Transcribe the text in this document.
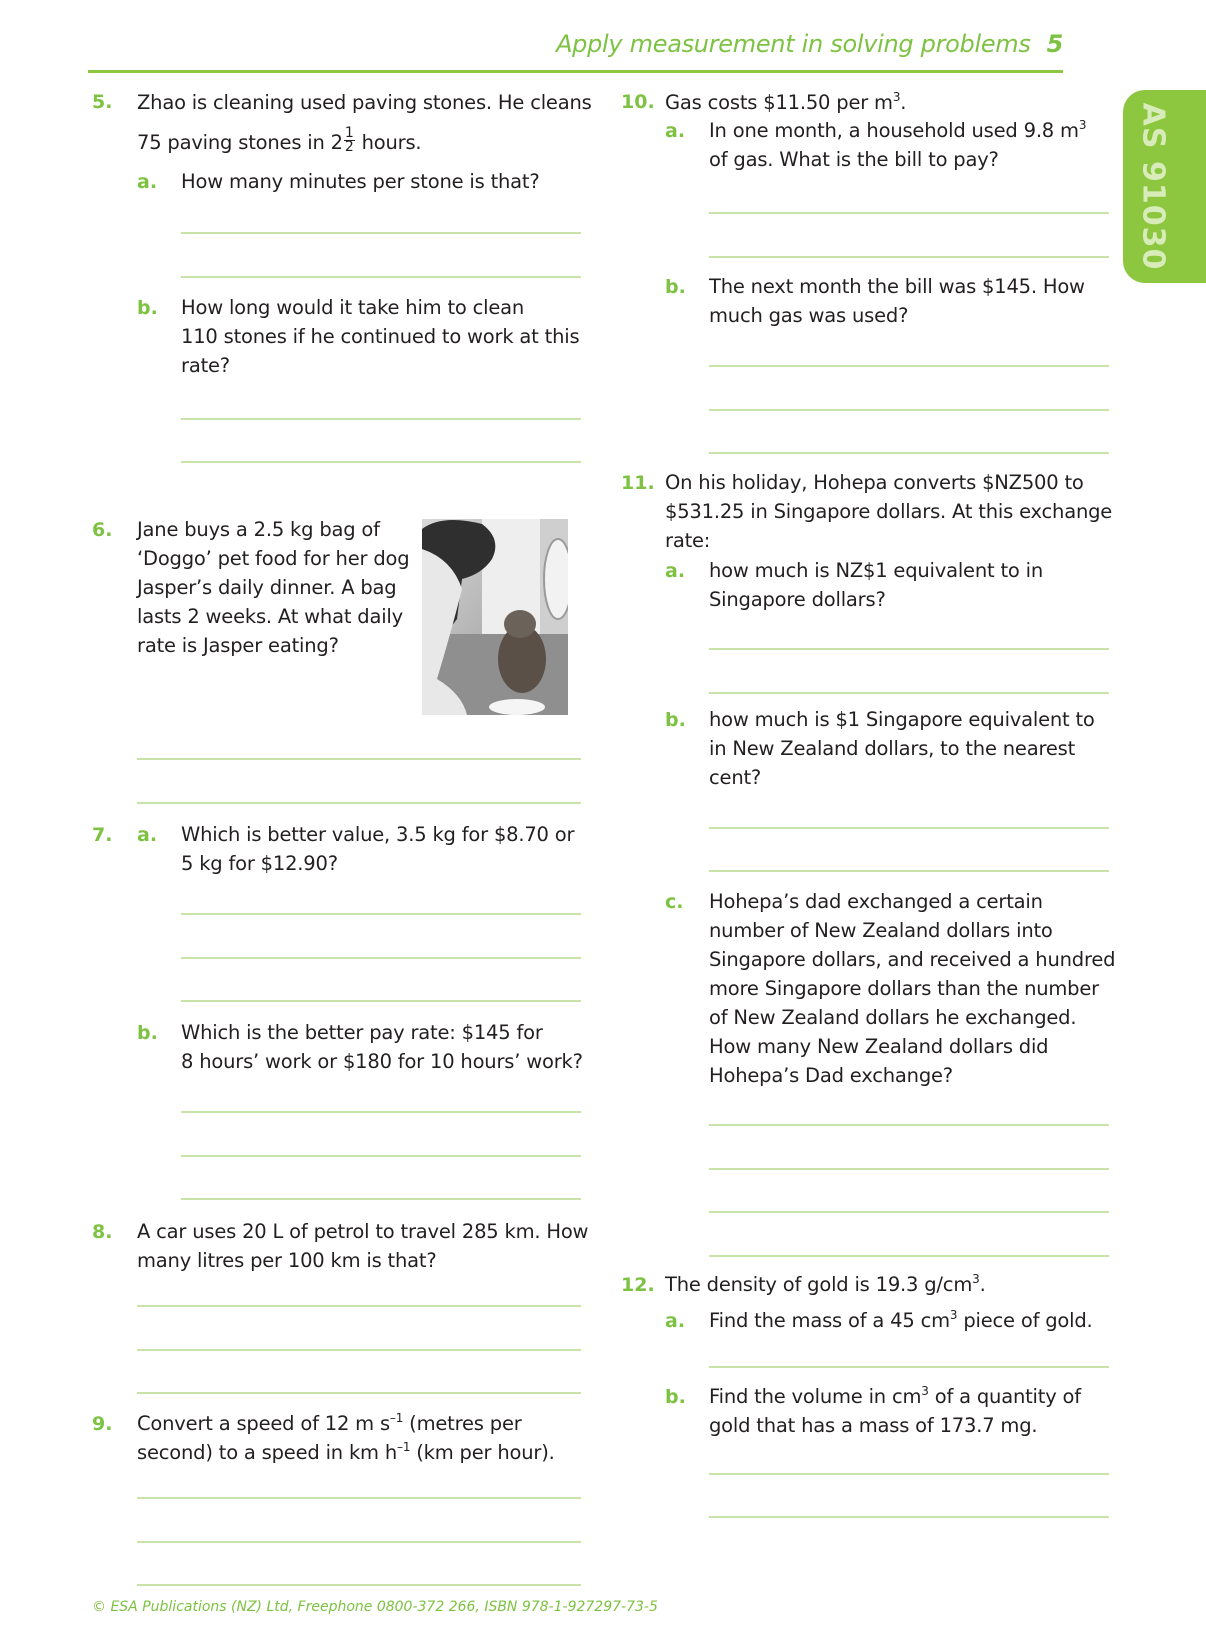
Apply measurement in solving problems 5
AS 91030
5. Zhao is cleaning used paving stones. He cleans
75 paving stones in $2 \frac{1}{2}$ hours.
a. How many minutes per stone is that?
b. How long would it take him to clean
110 stones if he continued to work at this
rate?
6. Jane buys a 2.5 kg bag of
‘Doggo’ pet food for her dog
Jasper’s daily dinner. A bag
lasts 2 weeks. At what daily
rate is Jasper eating?
7. a. Which is better value, 3.5 kg for $8.70 or
5 kg for $12.90?
b. Which is the better pay rate: $145 for
8 hours’ work or $180 for 10 hours’ work?
8. A car uses 20 L of petrol to travel 285 km. How
many litres per 100 km is that?
9. Convert a speed of 12 m $s^{-1}$ (metres per
second) to a speed in km $h^{-1}$ (km per hour).
10. Gas costs $11.50 per $m^3$.
a. In one month, a household used 9.8 $m^3$
of gas. What is the bill to pay?
b. The next month the bill was $145. How
much gas was used?
11. On his holiday, Hohepa converts $NZ500 to
$531.25 in Singapore dollars. At this exchange
rate:
a. how much is NZ$1 equivalent to in
Singapore dollars?
b. how much is $1 Singapore equivalent to
in New Zealand dollars, to the nearest
cent?
c. Hohepa’s dad exchanged a certain
number of New Zealand dollars into
Singapore dollars, and received a hundred
more Singapore dollars than the number
of New Zealand dollars he exchanged.
How many New Zealand dollars did
Hohepa’s Dad exchange?
12. The density of gold is 19.3 $g/cm^3$.
a. Find the mass of a 45 $cm^3$ piece of gold.
b. Find the volume in $cm^3$ of a quantity of
gold that has a mass of 173.7 mg.
© ESA Publications (NZ) Ltd, Freephone 0800-372 266, ISBN 978-1-927297-73-5
